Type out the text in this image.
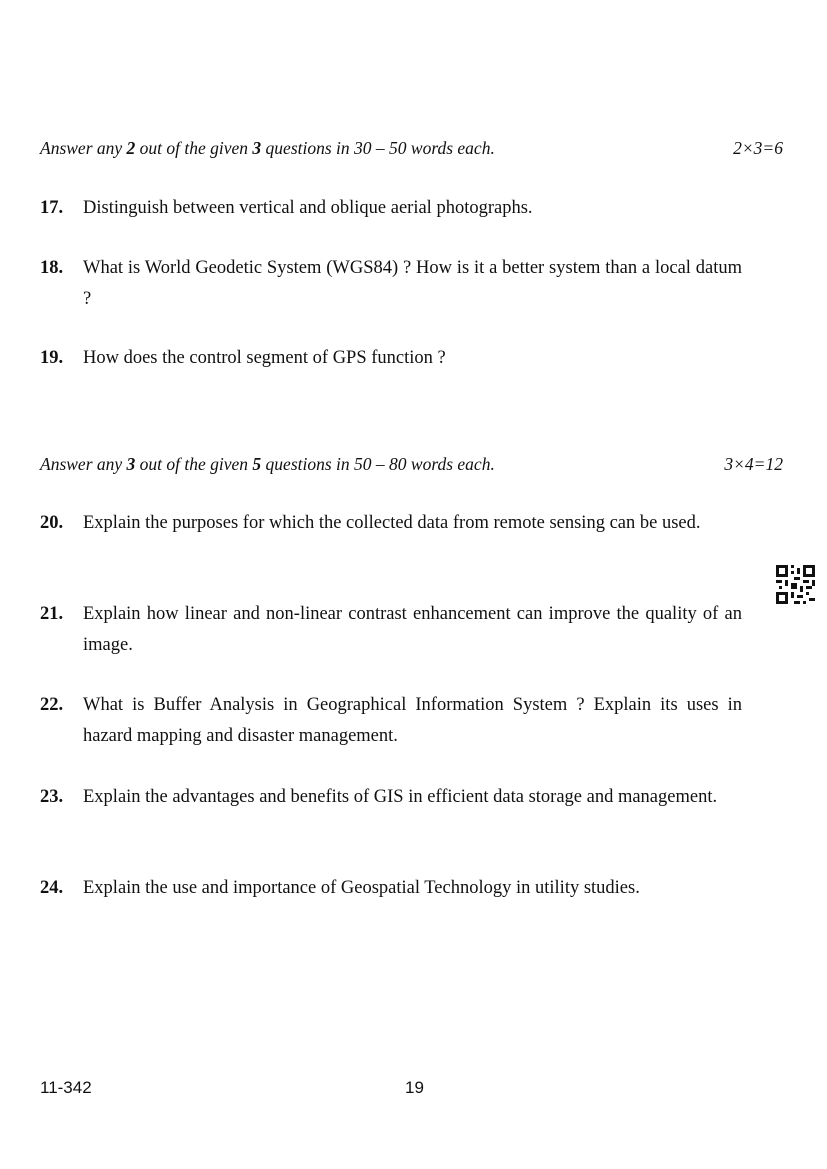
Answer any 2 out of the given 3 questions in 30 – 50 words each.	2×3=6
17.	Distinguish between vertical and oblique aerial photographs.
18.	What is World Geodetic System (WGS84) ? How is it a better system than a local datum ?
19.	How does the control segment of GPS function ?
Answer any 3 out of the given 5 questions in 50 – 80 words each.	3×4=12
20.	Explain the purposes for which the collected data from remote sensing can be used.
21.	Explain how linear and non-linear contrast enhancement can improve the quality of an image.
22.	What is Buffer Analysis in Geographical Information System ? Explain its uses in hazard mapping and disaster management.
23.	Explain the advantages and benefits of GIS in efficient data storage and management.
24.	Explain the use and importance of Geospatial Technology in utility studies.
11-342	19
